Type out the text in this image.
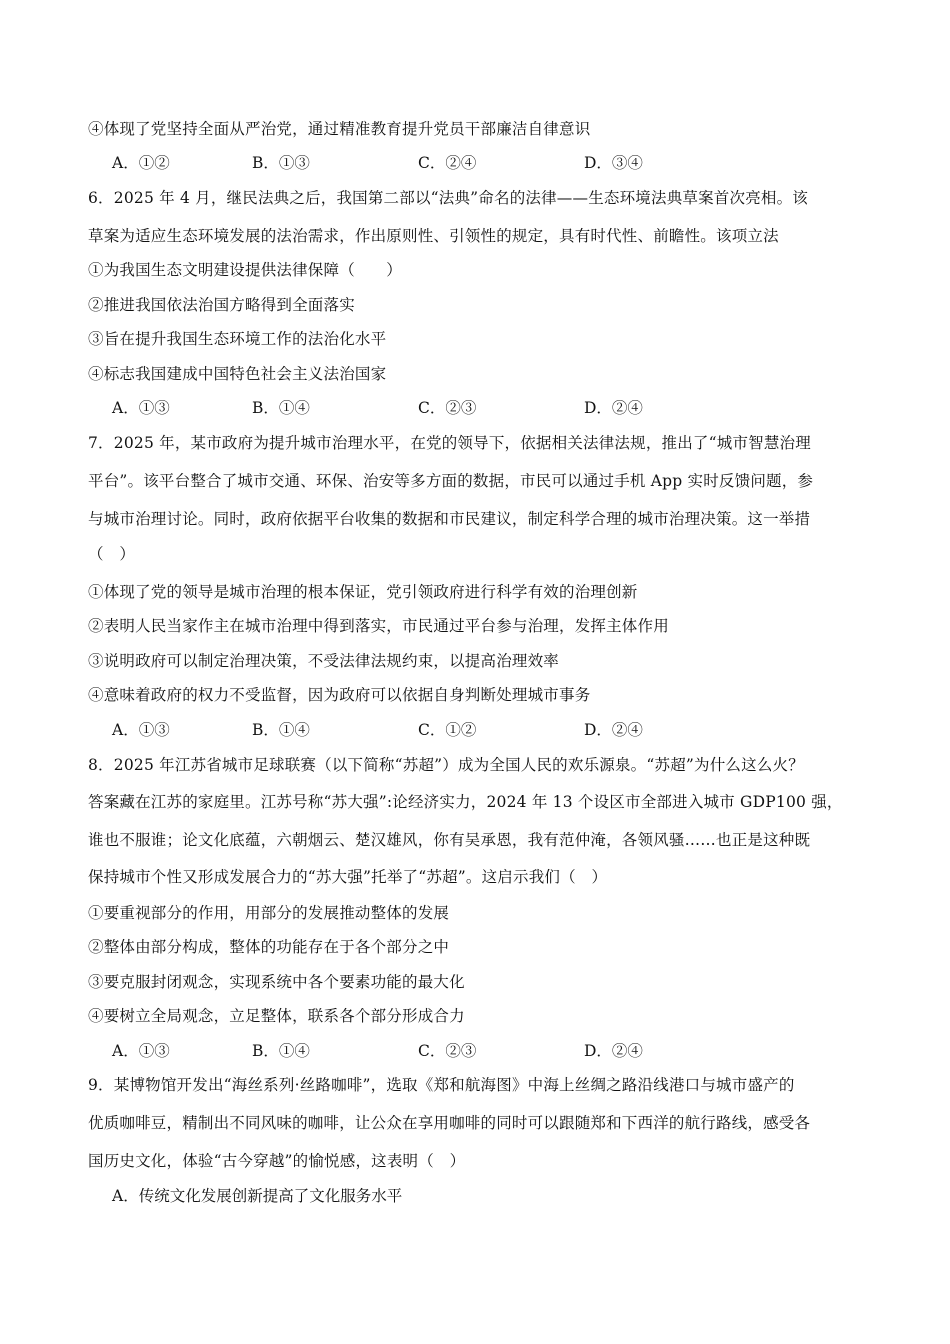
④体现了党坚持全面从严治党，通过精准教育提升党员干部廉洁自律意识
A．①②	B．①③	C．②④	D．③④
6．2025 年 4 月，继民法典之后，我国第二部以“法典”命名的法律——生态环境法典草案首次亮相。该
草案为适应生态环境发展的法治需求，作出原则性、引领性的规定，具有时代性、前瞻性。该项立法
①为我国生态文明建设提供法律保障（　　）
②推进我国依法治国方略得到全面落实
③旨在提升我国生态环境工作的法治化水平
④标志我国建成中国特色社会主义法治国家
A．①③	B．①④	C．②③	D．②④
7．2025 年，某市政府为提升城市治理水平，在党的领导下，依据相关法律法规，推出了“城市智慧治理
平台”。该平台整合了城市交通、环保、治安等多方面的数据，市民可以通过手机 App 实时反馈问题，参
与城市治理讨论。同时，政府依据平台收集的数据和市民建议，制定科学合理的城市治理决策。这一举措
（　）
①体现了党的领导是城市治理的根本保证，党引领政府进行科学有效的治理创新
②表明人民当家作主在城市治理中得到落实，市民通过平台参与治理，发挥主体作用
③说明政府可以制定治理决策，不受法律法规约束，以提高治理效率
④意味着政府的权力不受监督，因为政府可以依据自身判断处理城市事务
A．①③	B．①④	C．①②	D．②④
8．2025 年江苏省城市足球联赛（以下简称“苏超”）成为全国人民的欢乐源泉。“苏超”为什么这么火？
答案藏在江苏的家庭里。江苏号称“苏大强”:论经济实力，2024 年 13 个设区市全部进入城市 GDP100 强，
谁也不服谁；论文化底蕴，六朝烟云、楚汉雄风，你有吴承恩，我有范仲淹，各领风骚……也正是这种既
保持城市个性又形成发展合力的“苏大强”托举了“苏超”。这启示我们（　）
①要重视部分的作用，用部分的发展推动整体的发展
②整体由部分构成，整体的功能存在于各个部分之中
③要克服封闭观念，实现系统中各个要素功能的最大化
④要树立全局观念，立足整体，联系各个部分形成合力
A．①③	B．①④	C．②③	D．②④
9．某博物馆开发出“海丝系列·丝路咖啡”，选取《郑和航海图》中海上丝绸之路沿线港口与城市盛产的
优质咖啡豆，精制出不同风味的咖啡，让公众在享用咖啡的同时可以跟随郑和下西洋的航行路线，感受各
国历史文化，体验“古今穿越”的愉悦感，这表明（　）
A．传统文化发展创新提高了文化服务水平
